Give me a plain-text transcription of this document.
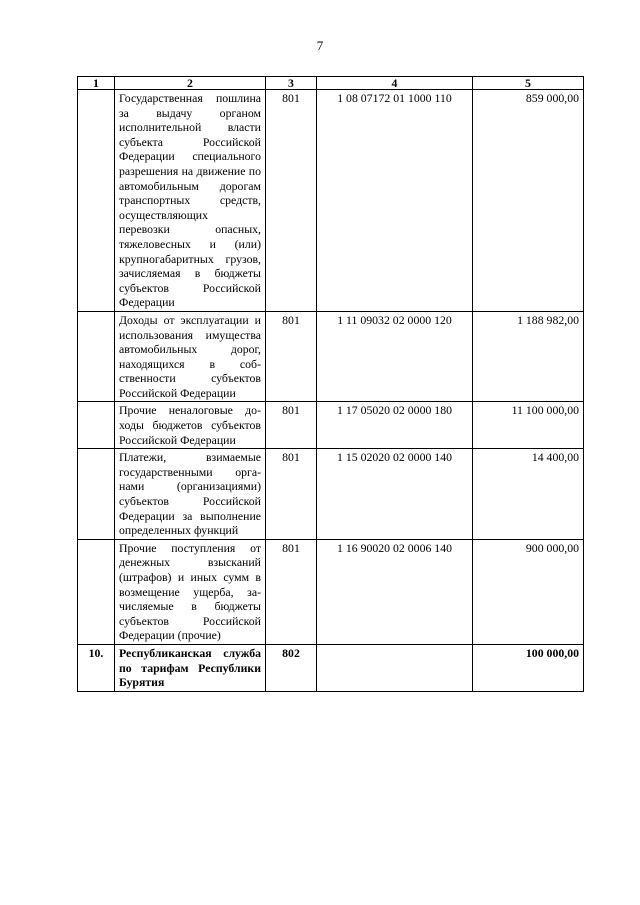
7
1	2	3	4	5
	Государственная пошлина за выдачу органом исполнительной власти субъекта Российской Федерации специального разрешения на движение по автомобильным дорогам транспортных средств, осуществляющих перевозки опасных, тяжеловесных и (или) крупногабаритных грузов, зачисляемая в бюджеты субъектов Российской Федерации	801	1 08 07172 01 1000 110	859 000,00
	Доходы от эксплуатации и использования имущества автомобильных дорог, находящихся в собственности субъектов Российской Федерации	801	1 11 09032 02 0000 120	1 188 982,00
	Прочие неналоговые доходы бюджетов субъектов Российской Федерации	801	1 17 05020 02 0000 180	11 100 000,00
	Платежи, взимаемые государственными органами (организациями) субъектов Российской Федерации за выполнение определенных функций	801	1 15 02020 02 0000 140	14 400,00
	Прочие поступления от денежных взысканий (штрафов) и иных сумм в возмещение ущерба, зачисляемые в бюджеты субъектов Российской Федерации (прочие)	801	1 16 90020 02 0006 140	900 000,00
10.	Республиканская служба по тарифам Республики Бурятия	802		100 000,00
